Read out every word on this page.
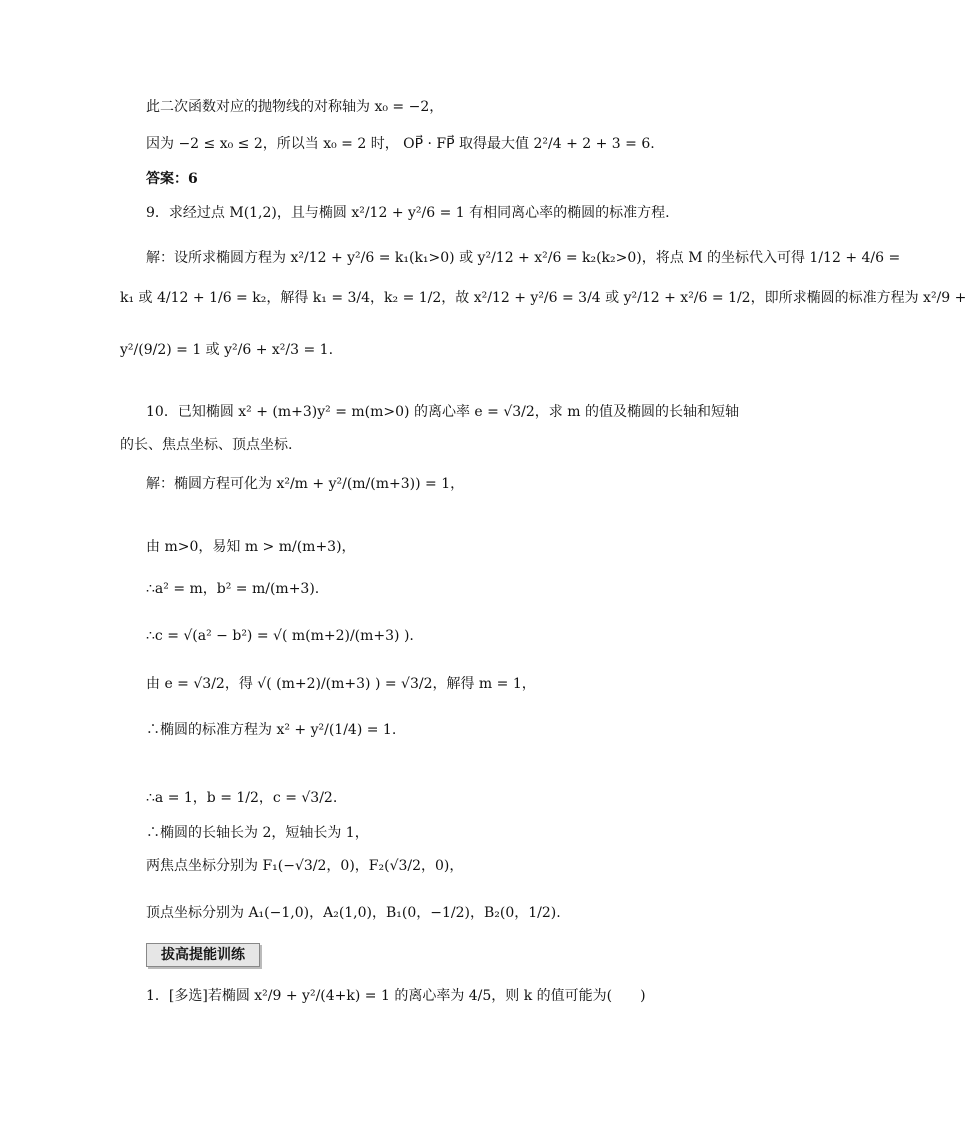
此二次函数对应的抛物线的对称轴为 x₀ = −2，
因为 −2 ≤ x₀ ≤ 2，所以当 x₀ = 2 时， OP⃗ · FP⃗ 取得最大值 2²/4 + 2 + 3 = 6.
答案：6
9．求经过点 M(1,2)，且与椭圆 x²/12 + y²/6 = 1 有相同离心率的椭圆的标准方程.
解：设所求椭圆方程为 x²/12 + y²/6 = k₁(k₁>0) 或 y²/12 + x²/6 = k₂(k₂>0)，将点 M 的坐标代入可得 1/12 + 4/6 =
k₁ 或 4/12 + 1/6 = k₂，解得 k₁ = 3/4，k₂ = 1/2，故 x²/12 + y²/6 = 3/4 或 y²/12 + x²/6 = 1/2，即所求椭圆的标准方程为 x²/9 +
y²/(9/2) = 1 或 y²/6 + x²/3 = 1.
10．已知椭圆 x² + (m+3)y² = m(m>0) 的离心率 e = √3/2，求 m 的值及椭圆的长轴和短轴
的长、焦点坐标、顶点坐标.
解：椭圆方程可化为 x²/m + y²/(m/(m+3)) = 1，
由 m>0，易知 m > m/(m+3)，
∴a² = m，b² = m/(m+3).
∴c = √(a² − b²) = √( m(m+2)/(m+3) ).
由 e = √3/2，得 √( (m+2)/(m+3) ) = √3/2，解得 m = 1，
∴椭圆的标准方程为 x² + y²/(1/4) = 1.
∴a = 1，b = 1/2，c = √3/2.
∴椭圆的长轴长为 2，短轴长为 1，
两焦点坐标分别为 F₁(−√3/2，0)，F₂(√3/2，0)，
顶点坐标分别为 A₁(−1,0)，A₂(1,0)，B₁(0，−1/2)，B₂(0，1/2).
拔高提能训练
1．[多选]若椭圆 x²/9 + y²/(4+k) = 1 的离心率为 4/5，则 k 的值可能为(　　)
